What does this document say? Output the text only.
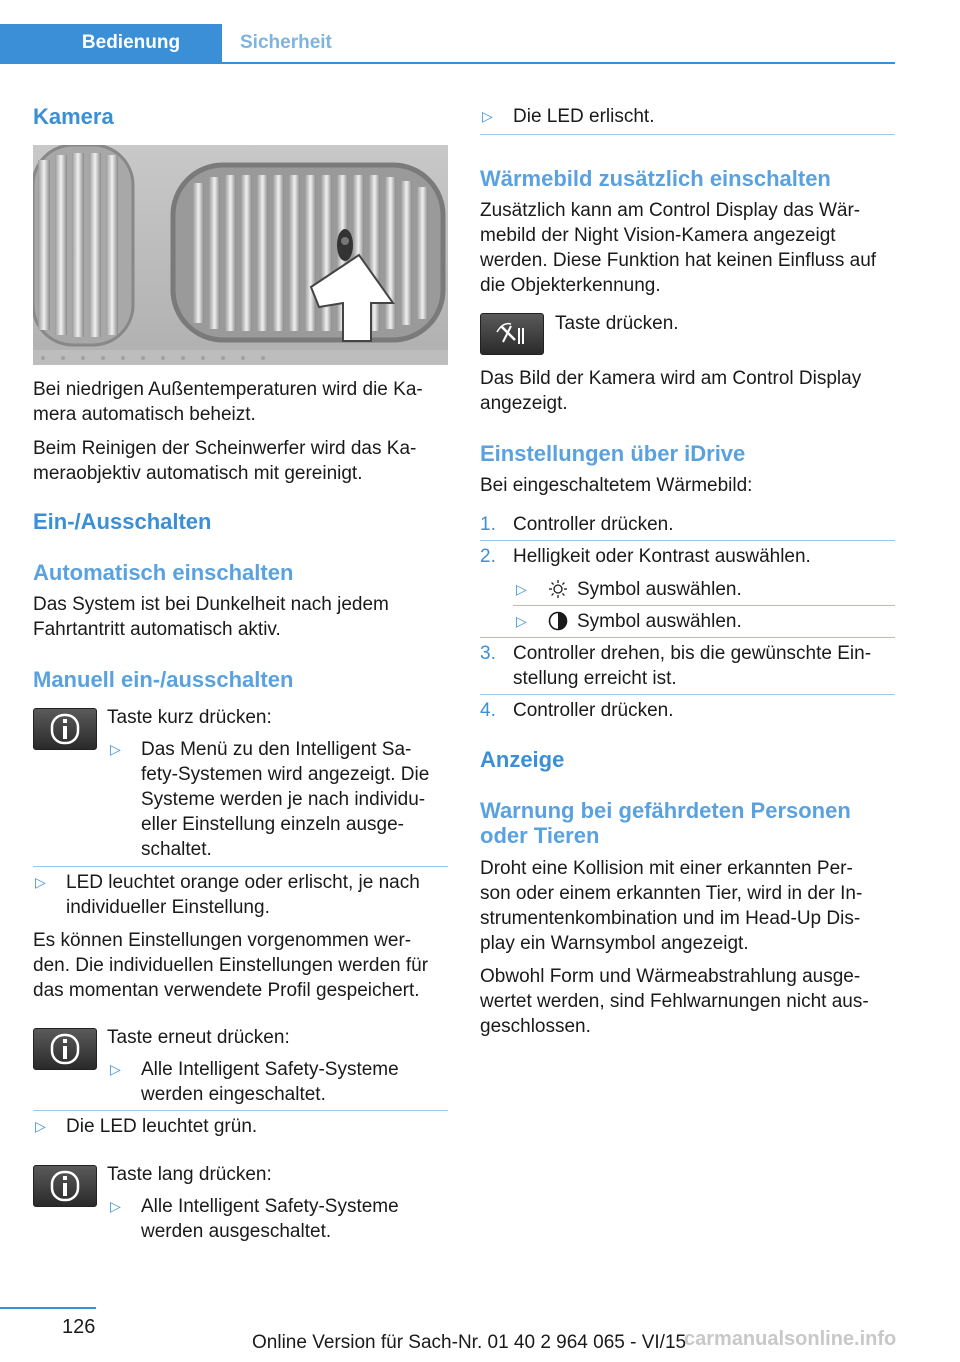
Bedienung	Sicherheit
Kamera

Bei niedrigen Außentemperaturen wird die Ka-

mera automatisch beheizt.

Beim Reinigen der Scheinwerfer wird das Ka-

meraobjektiv automatisch mit gereinigt.

Ein-/Ausschalten
Automatisch einschalten

Das System ist bei Dunkelheit nach jedem

Fahrtantritt automatisch aktiv.

Manuell ein-/ausschalten

Taste kurz drücken:

▷ Das Menü zu den Intelligent Sa-

fety-Systemen wird angezeigt. Die

Systeme werden je nach individu-

eller Einstellung einzeln ausge-

schaltet.

▷ LED leuchtet orange oder erlischt, je nach

individueller Einstellung.

Es können Einstellungen vorgenommen wer-

den. Die individuellen Einstellungen werden für

das momentan verwendete Profil gespeichert.

Taste erneut drücken:

▷ Alle Intelligent Safety-Systeme

werden eingeschaltet.

▷ Die LED leuchtet grün.

Taste lang drücken:

▷ Alle Intelligent Safety-Systeme

werden ausgeschaltet.

▷ Die LED erlischt.

Wärmebild zusätzlich einschalten

Zusätzlich kann am Control Display das Wär-

mebild der Night Vision-Kamera angezeigt

werden. Diese Funktion hat keinen Einfluss auf

die Objekterkennung.

Taste drücken.

Das Bild der Kamera wird am Control Display

angezeigt.

Einstellungen über iDrive

Bei eingeschaltetem Wärmebild:

1. Controller drücken.

2. Helligkeit oder Kontrast auswählen.

▷	Symbol auswählen.

▷	Symbol auswählen.

3. Controller drehen, bis die gewünschte Ein-

stellung erreicht ist.

4. Controller drücken.

Anzeige
Warnung bei gefährdeten Personen
oder Tieren

Droht eine Kollision mit einer erkannten Per-

son oder einem erkannten Tier, wird in der In-

strumentenkombination und im Head-Up Dis-

play ein Warnsymbol angezeigt.

Obwohl Form und Wärmeabstrahlung ausge-

wertet werden, sind Fehlwarnungen nicht aus-

geschlossen.

126
Online Version für Sach-Nr. 01 40 2 964 065 - VI/15
carmanualsonline.info
